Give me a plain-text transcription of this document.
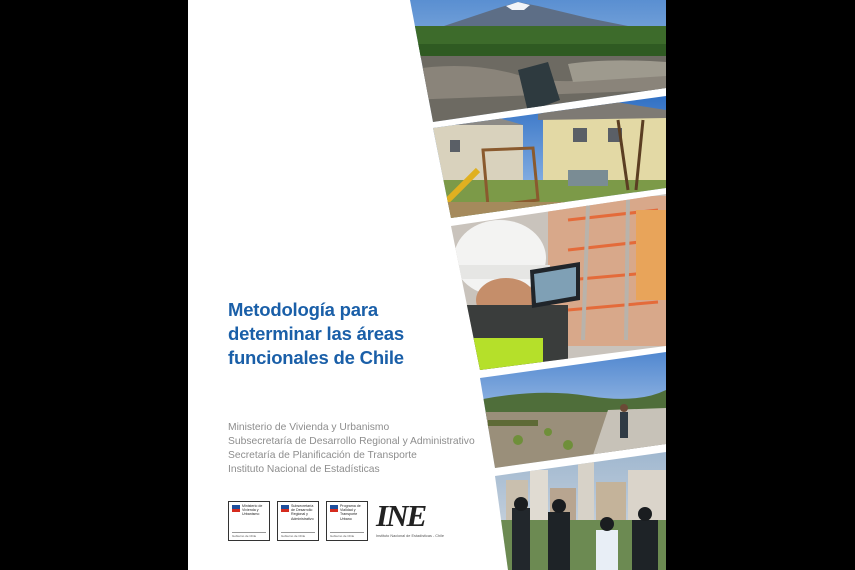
Metodología para
determinar las áreas
funcionales de Chile
Ministerio de Vivienda y Urbanismo
Subsecretaría de Desarrollo Regional y Administrativo
Secretaría de Planificación de Transporte
Instituto Nacional de Estadísticas
Ministerio de Vivienda y Urbanismo
Gobierno de Chile
Subsecretaría de Desarrollo Regional y Administrativo
Gobierno de Chile
Programa de Vialidad y Transporte Urbano
Gobierno de Chile
INE
Instituto Nacional de Estadísticas - Chile
